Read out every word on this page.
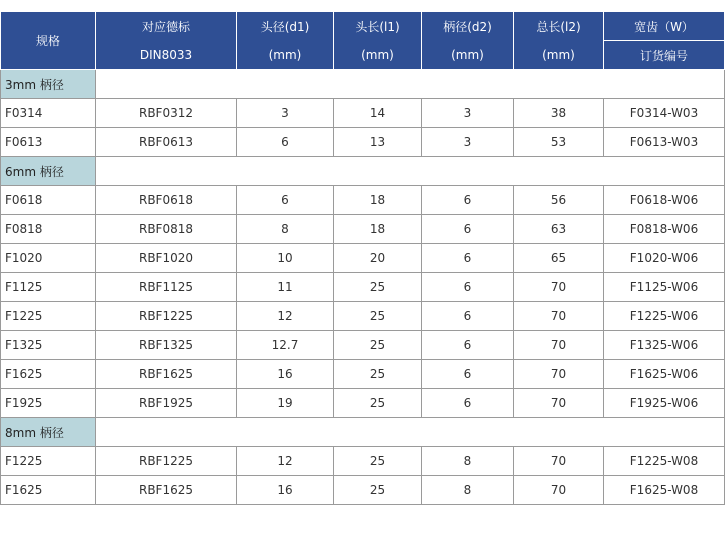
规格	对应德标	头径(d1)	头长(l1)	柄径(d2)	总长(l2)	宽齿（W）
	DIN8033	(mm)	(mm)	(mm)	(mm)	订货编号
3mm 柄径						
F0314	RBF0312	3	14	3	38	F0314-W03
F0613	RBF0613	6	13	3	53	F0613-W03
6mm 柄径						
F0618	RBF0618	6	18	6	56	F0618-W06
F0818	RBF0818	8	18	6	63	F0818-W06
F1020	RBF1020	10	20	6	65	F1020-W06
F1125	RBF1125	11	25	6	70	F1125-W06
F1225	RBF1225	12	25	6	70	F1225-W06
F1325	RBF1325	12.7	25	6	70	F1325-W06
F1625	RBF1625	16	25	6	70	F1625-W06
F1925	RBF1925	19	25	6	70	F1925-W06
8mm 柄径						
F1225	RBF1225	12	25	8	70	F1225-W08
F1625	RBF1625	16	25	8	70	F1625-W08
